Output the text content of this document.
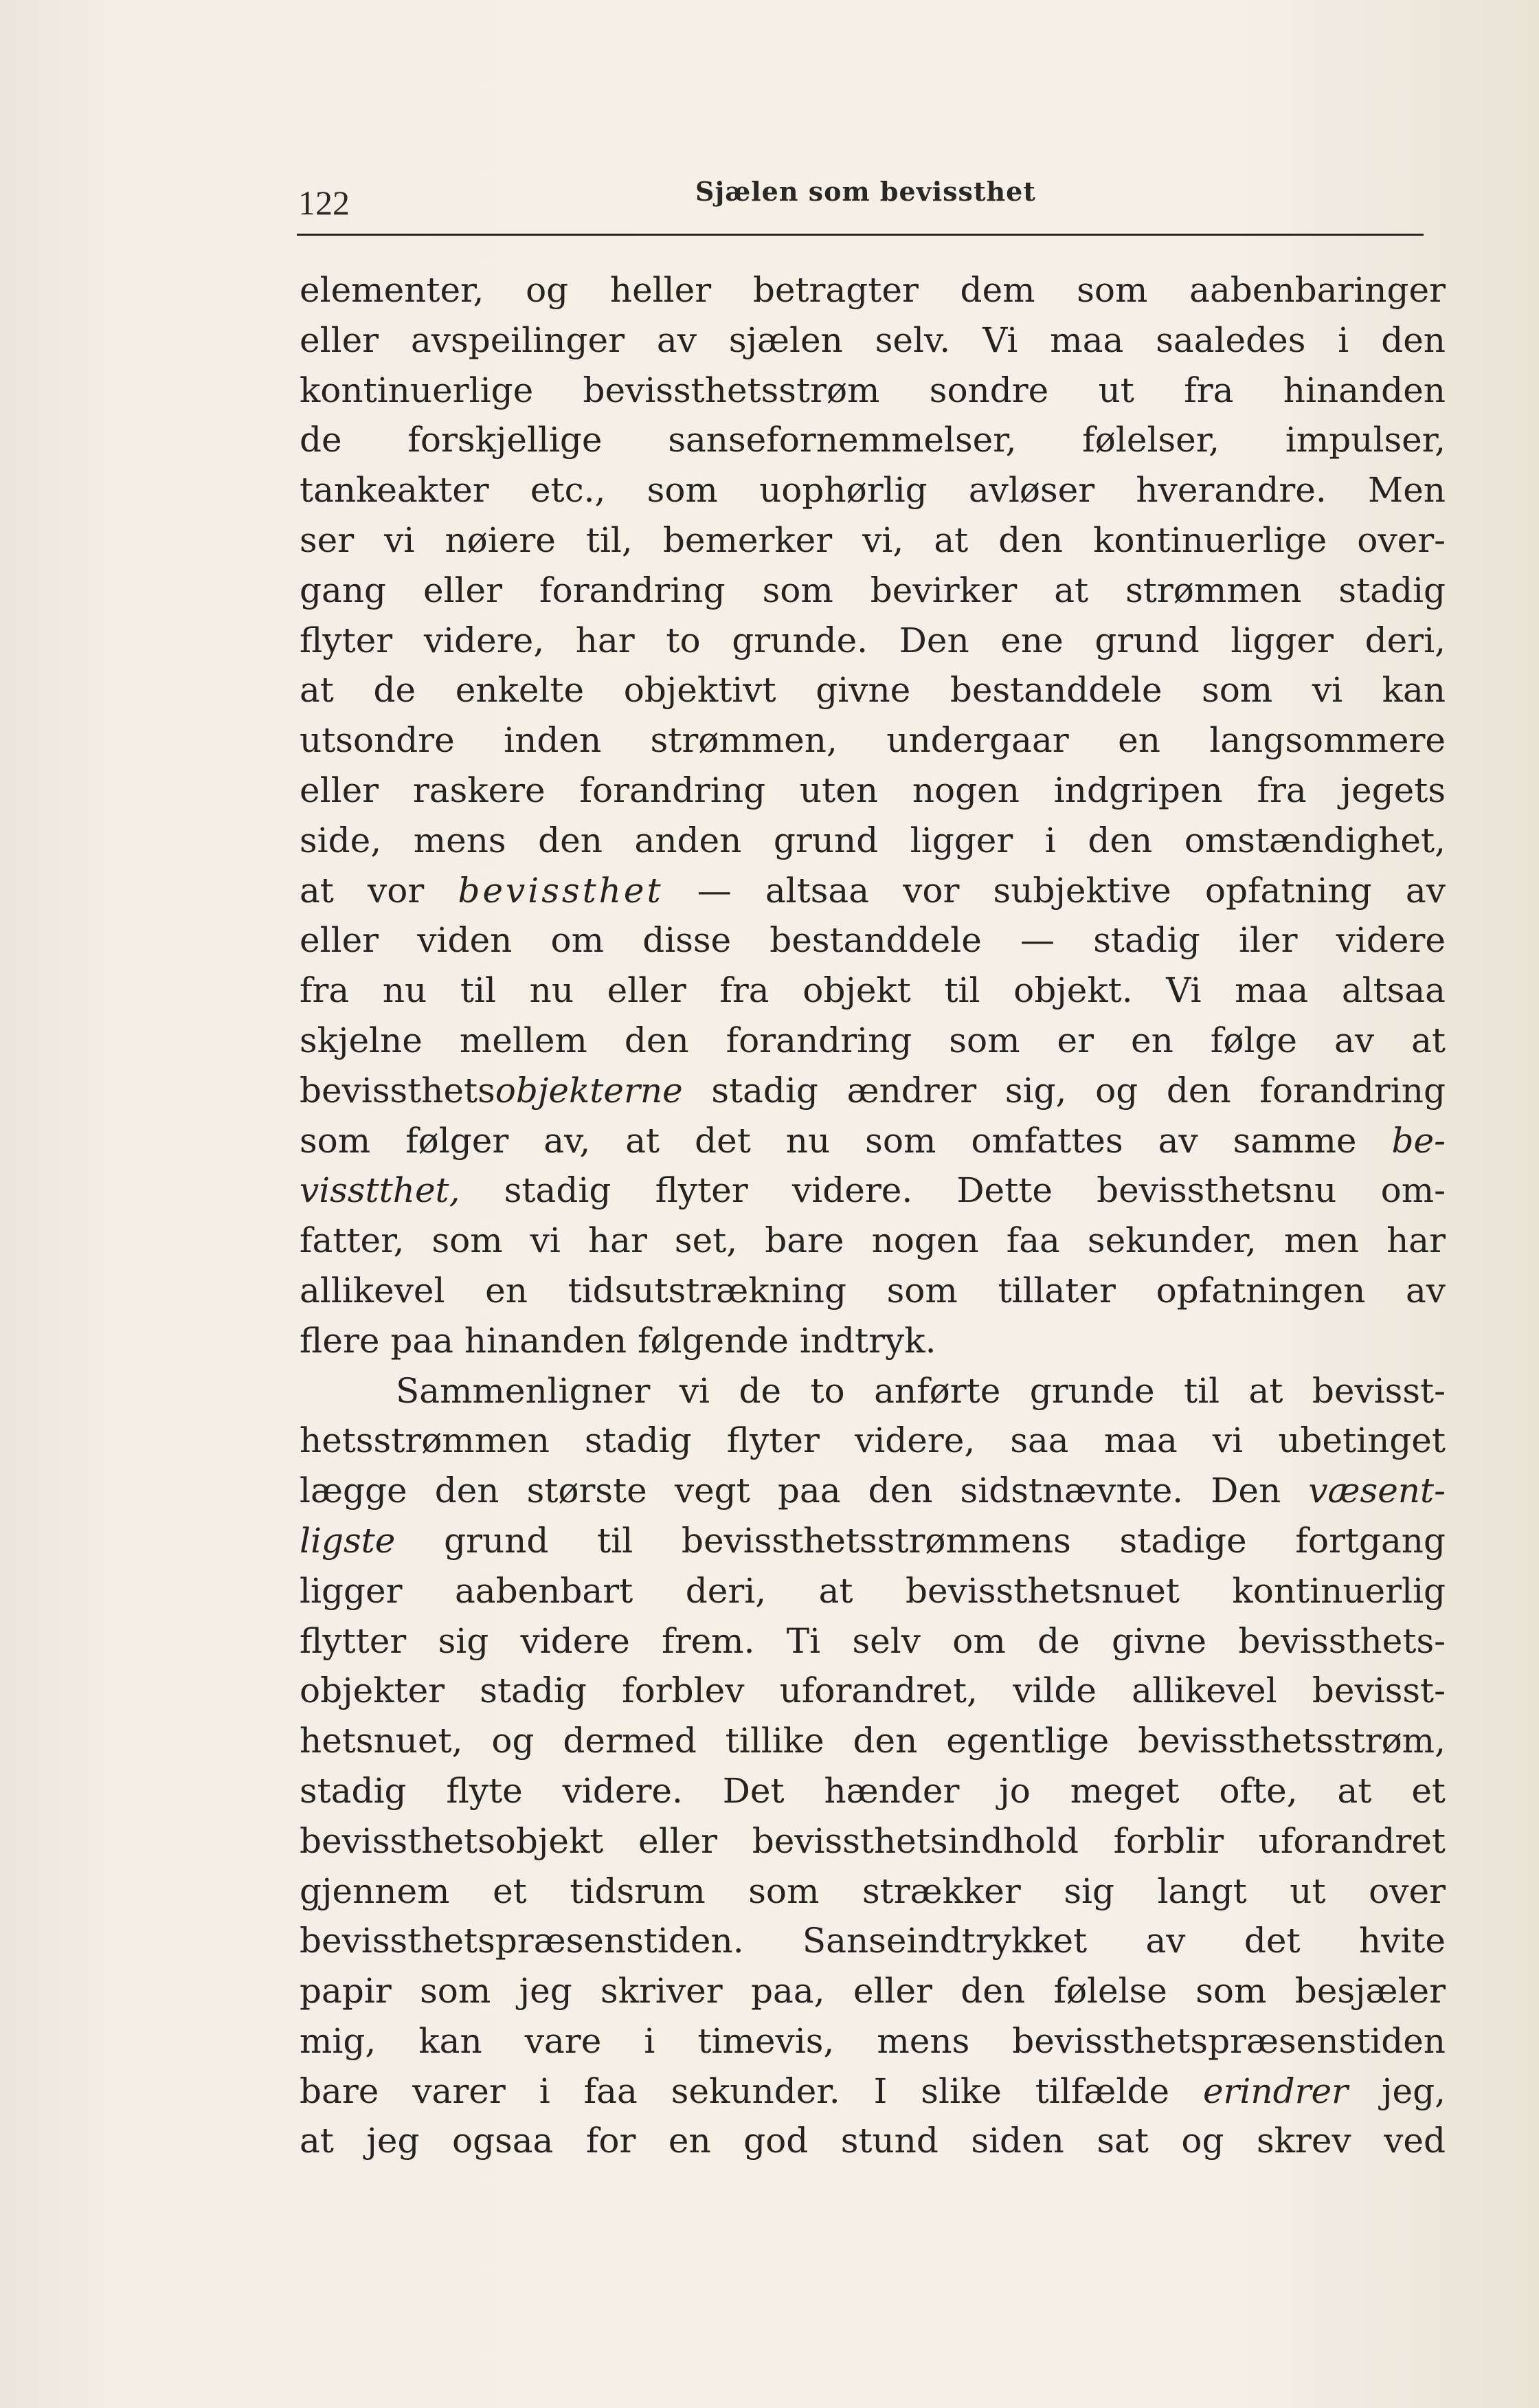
122	Sjælen som bevissthet

elementer, og heller betragter dem som aabenbaringer
eller avspeilinger av sjælen selv. Vi maa saaledes i den
kontinuerlige bevissthetsstrøm sondre ut fra hinanden
de forskjellige sansefornemmelser, følelser, impulser,
tankeakter etc., som uophørlig avløser hverandre. Men
ser vi nøiere til, bemerker vi, at den kontinuerlige over-
gang eller forandring som bevirker at strømmen stadig
flyter videre, har to grunde. Den ene grund ligger deri,
at de enkelte objektivt givne bestanddele som vi kan
utsondre inden strømmen, undergaar en langsommere
eller raskere forandring uten nogen indgripen fra jegets
side, mens den anden grund ligger i den omstændighet,
at vor bevissthet — altsaa vor subjektive opfatning av
eller viden om disse bestanddele — stadig iler videre
fra nu til nu eller fra objekt til objekt. Vi maa altsaa
skjelne mellem den forandring som er en følge av at
bevissthetsobjekterne stadig ændrer sig, og den forandring
som følger av, at det nu som omfattes av samme be-
visstthet, stadig flyter videre. Dette bevissthetsnu om-
fatter, som vi har set, bare nogen faa sekunder, men har
allikevel en tidsutstrækning som tillater opfatningen av
flere paa hinanden følgende indtryk.

Sammenligner vi de to anførte grunde til at bevisst-
hetsstrømmen stadig flyter videre, saa maa vi ubetinget
lægge den største vegt paa den sidstnævnte. Den væsent-
ligste grund til bevissthetsstrømmens stadige fortgang
ligger aabenbart deri, at bevissthetsnuet kontinuerlig
flytter sig videre frem. Ti selv om de givne bevissthets-
objekter stadig forblev uforandret, vilde allikevel bevisst-
hetsnuet, og dermed tillike den egentlige bevissthetsstrøm,
stadig flyte videre. Det hænder jo meget ofte, at et
bevissthetsobjekt eller bevissthetsindhold forblir uforandret
gjennem et tidsrum som strækker sig langt ut over
bevissthetspræsenstiden. Sanseindtrykket av det hvite
papir som jeg skriver paa, eller den følelse som besjæler
mig, kan vare i timevis, mens bevissthetspræsenstiden
bare varer i faa sekunder. I slike tilfælde erindrer jeg,
at jeg ogsaa for en god stund siden sat og skrev ved
